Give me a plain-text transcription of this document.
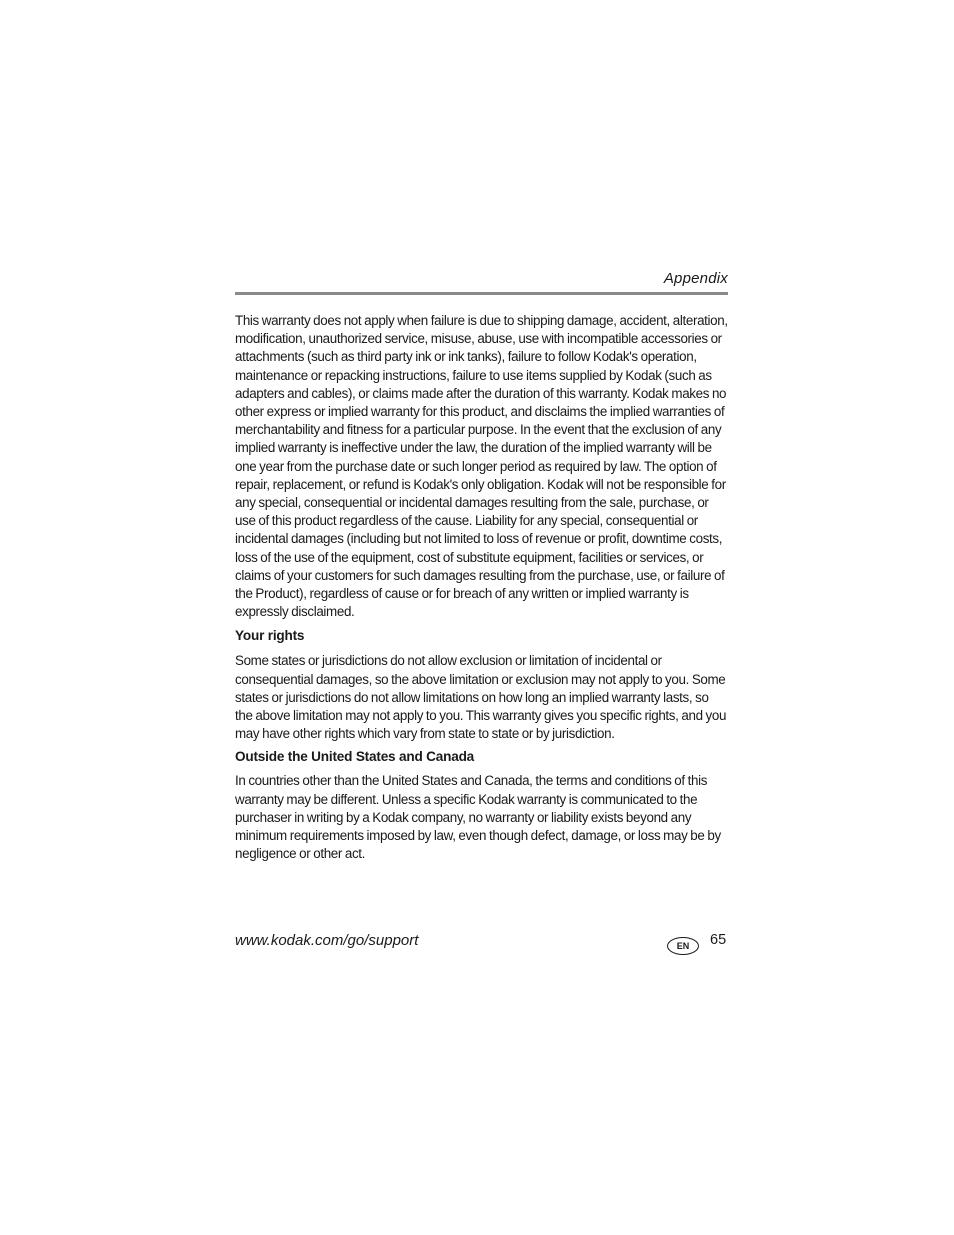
Appendix

This warranty does not apply when failure is due to shipping damage, accident, alteration, modification, unauthorized service, misuse, abuse, use with incompatible accessories or attachments (such as third party ink or ink tanks), failure to follow Kodak's operation, maintenance or repacking instructions, failure to use items supplied by Kodak (such as adapters and cables), or claims made after the duration of this warranty. Kodak makes no other express or implied warranty for this product, and disclaims the implied warranties of merchantability and fitness for a particular purpose. In the event that the exclusion of any implied warranty is ineffective under the law, the duration of the implied warranty will be one year from the purchase date or such longer period as required by law. The option of repair, replacement, or refund is Kodak's only obligation. Kodak will not be responsible for any special, consequential or incidental damages resulting from the sale, purchase, or use of this product regardless of the cause. Liability for any special, consequential or incidental damages (including but not limited to loss of revenue or profit, downtime costs, loss of the use of the equipment, cost of substitute equipment, facilities or services, or claims of your customers for such damages resulting from the purchase, use, or failure of the Product), regardless of cause or for breach of any written or implied warranty is expressly disclaimed.

Your rights

Some states or jurisdictions do not allow exclusion or limitation of incidental or consequential damages, so the above limitation or exclusion may not apply to you. Some states or jurisdictions do not allow limitations on how long an implied warranty lasts, so the above limitation may not apply to you. This warranty gives you specific rights, and you may have other rights which vary from state to state or by jurisdiction.

Outside the United States and Canada

In countries other than the United States and Canada, the terms and conditions of this warranty may be different. Unless a specific Kodak warranty is communicated to the purchaser in writing by a Kodak company, no warranty or liability exists beyond any minimum requirements imposed by law, even though defect, damage, or loss may be by negligence or other act.

www.kodak.com/go/support	EN	65
